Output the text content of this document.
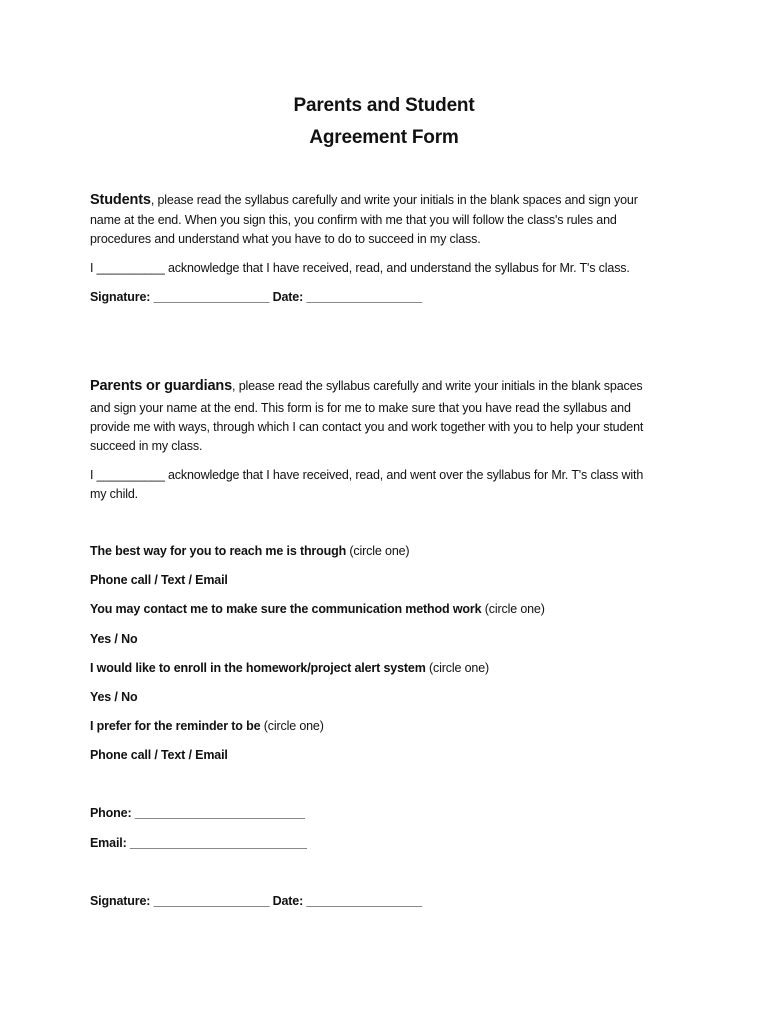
Parents and Student
Agreement Form
Students, please read the syllabus carefully and write your initials in the blank spaces and sign your
name at the end. When you sign this, you confirm with me that you will follow the class's rules and
procedures and understand what you have to do to succeed in my class.
I __________ acknowledge that I have received, read, and understand the syllabus for Mr. T's class.
Signature: _________________ Date: _________________
Parents or guardians, please read the syllabus carefully and write your initials in the blank spaces
and sign your name at the end. This form is for me to make sure that you have read the syllabus and
provide me with ways, through which I can contact you and work together with you to help your student
succeed in my class.
I __________ acknowledge that I have received, read, and went over the syllabus for Mr. T's class with
my child.
The best way for you to reach me is through (circle one)
Phone call / Text / Email
You may contact me to make sure the communication method work (circle one)
Yes / No
I would like to enroll in the homework/project alert system (circle one)
Yes / No
I prefer for the reminder to be (circle one)
Phone call / Text / Email
Phone: _________________________
Email: __________________________
Signature: _________________ Date: _________________
